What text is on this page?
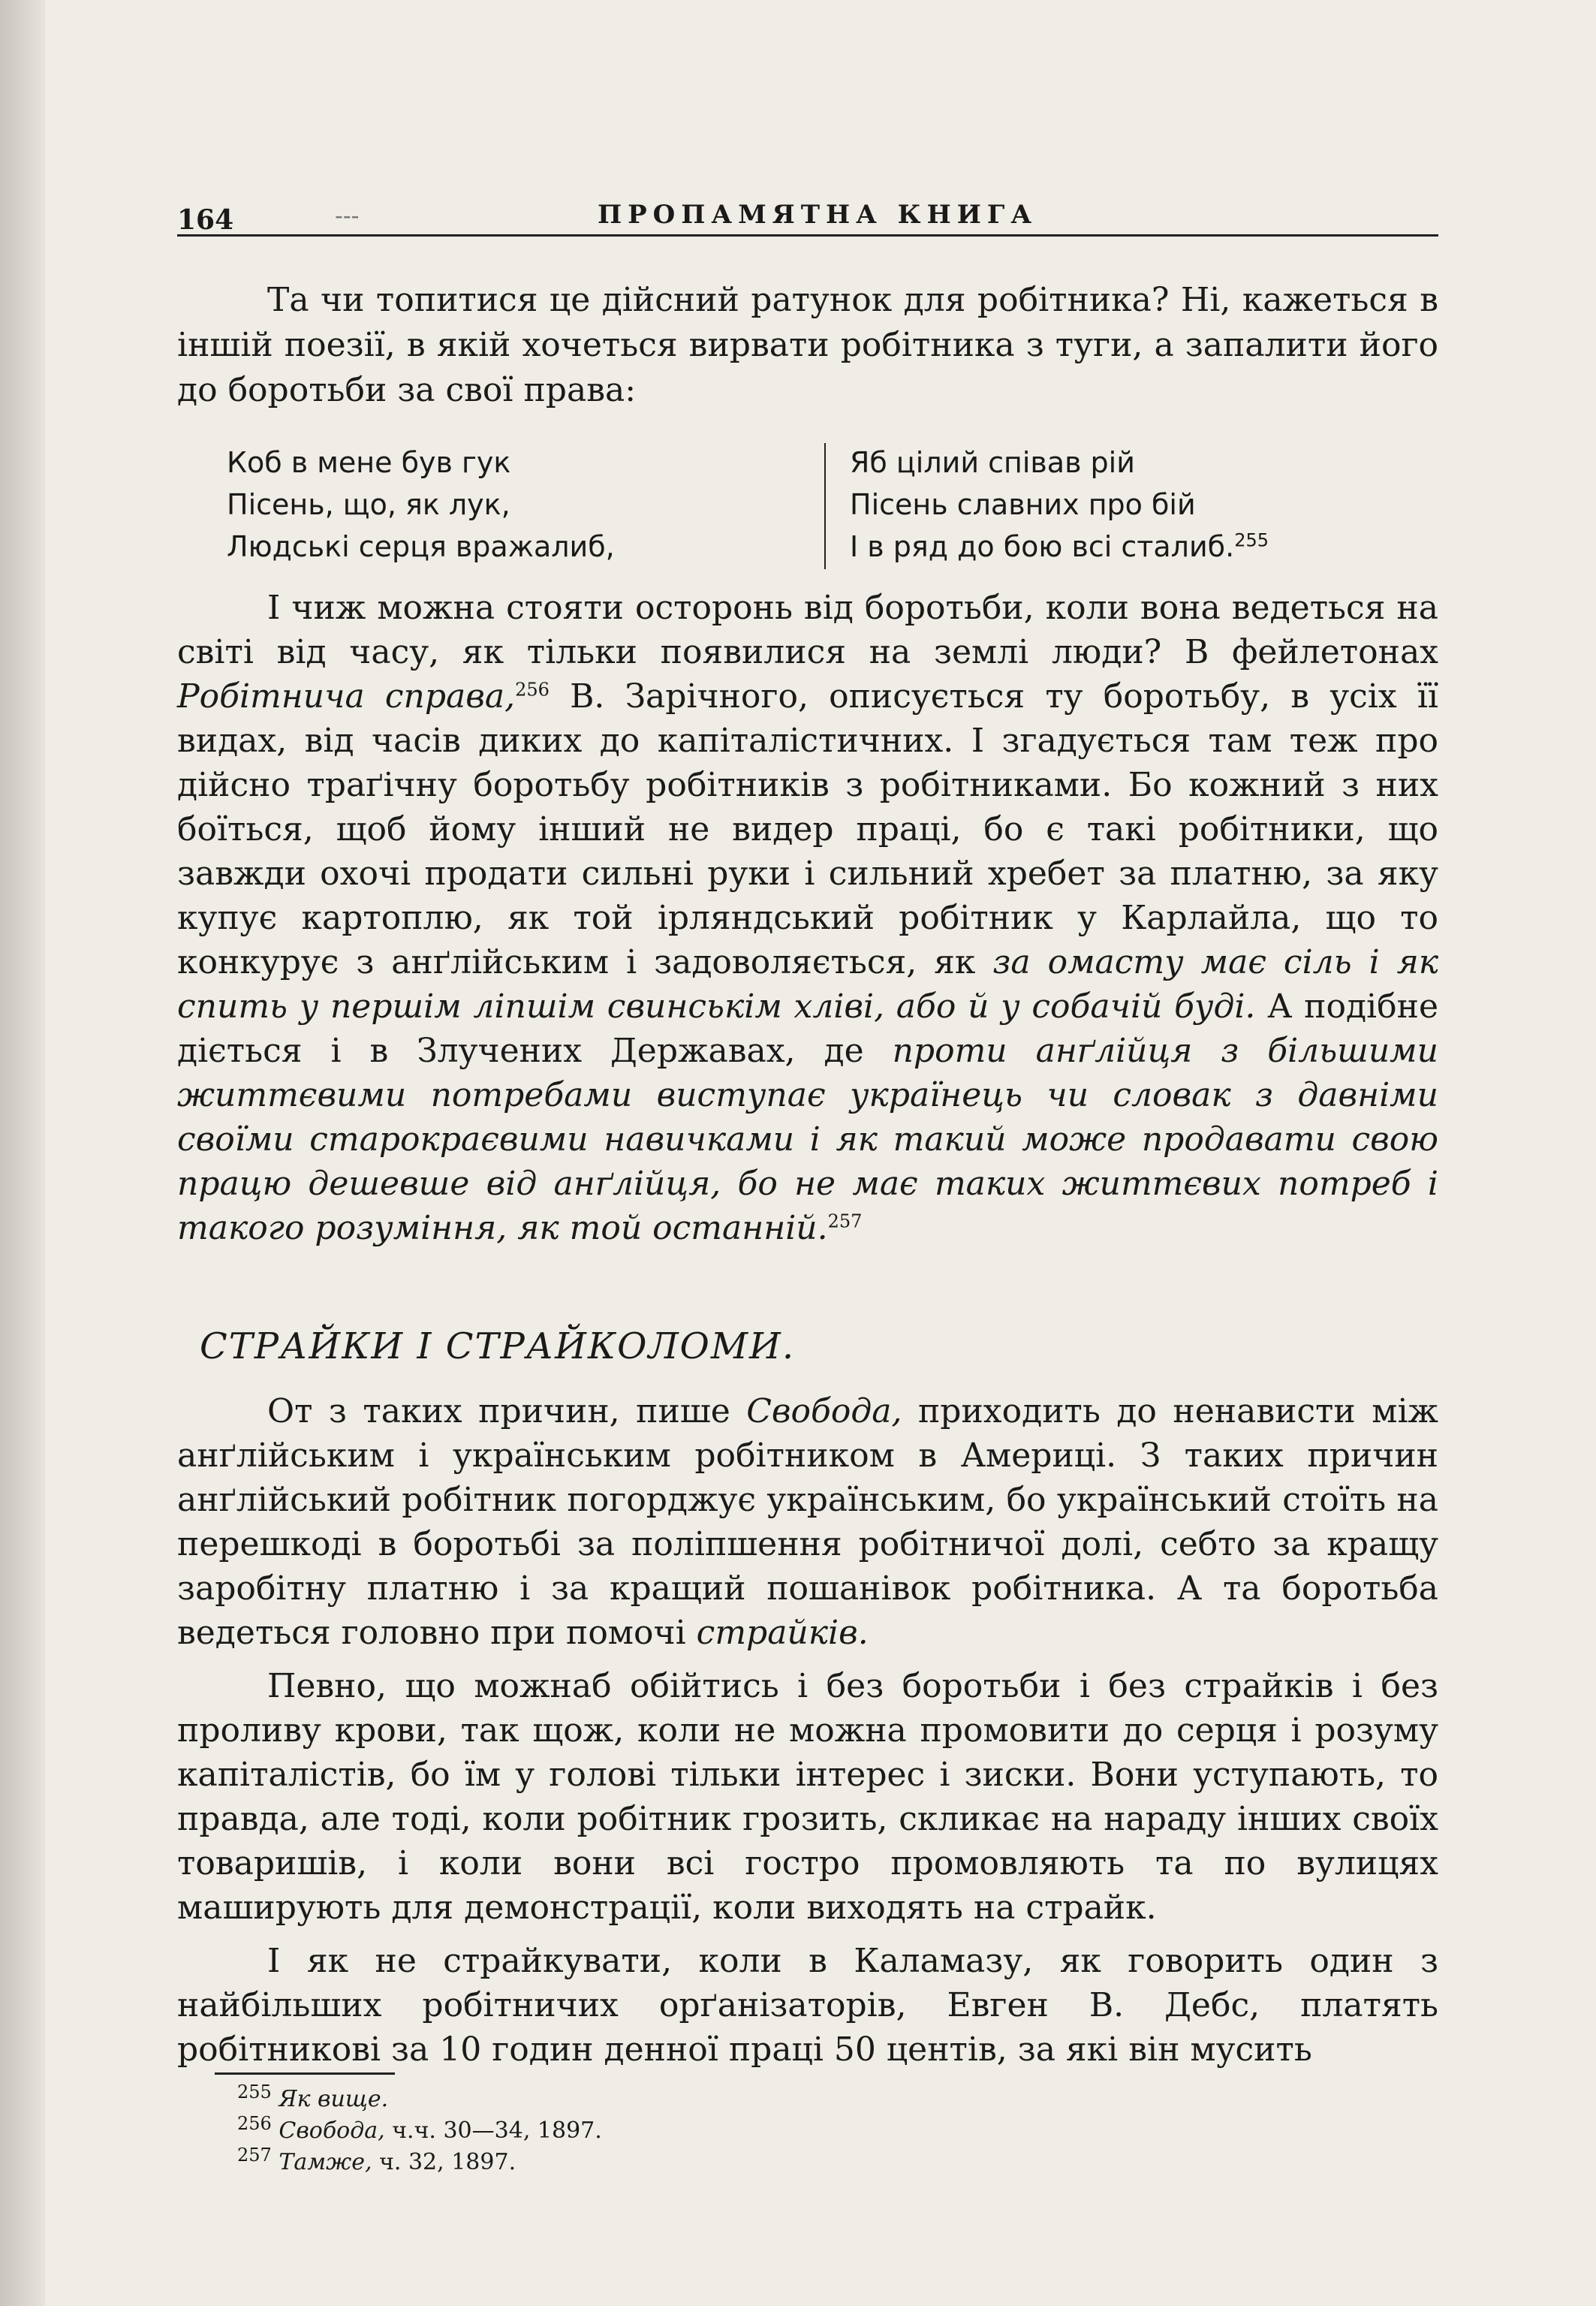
164	---	ПРОПАМЯТНА КНИГА

Та чи топитися це дійсний ратунок для робітника? Ні, кажеться в іншій поезії, в якій хочеться вирвати робітника з туги, а запалити його до боротьби за свої права:

Коб в мене був гук
Пісень, що, як лук,
Людські серця вражалиб,
Яб цілий співав рій
Пісень славних про бій
І в ряд до бою всі сталиб.$^{255}$

І чиж можна стояти осторонь від боротьби, коли вона ведеться на світі від часу, як тільки появилися на землі люди? В фейлетонах Робітнича справа,$^{256}$ В. Зарічного, описується ту боротьбу, в усіх її видах, від часів диких до капіталістичних. І згадується там теж про дійсно траґічну боротьбу робітників з робітниками. Бо кожний з них боїться, щоб йому інший не видер праці, бо є такі робітники, що завжди охочі продати сильні руки і сильний хребет за платню, за яку купує картоплю, як той ірляндський робітник у Карлайла, що то конкурує з анґлійським і задоволяється, як за омасту має сіль і як спить у першім ліпшім свинськім хліві, або й у собачій буді. А подібне діється і в Злучених Державах, де проти анґлійця з більшими життєвими потребами виступає українець чи словак з давніми своїми старокраєвими навичками і як такий може продавати свою працю дешевше від анґлійця, бо не має таких життєвих потреб і такого розуміння, як той останній.$^{257}$

СТРАЙКИ І СТРАЙКОЛОМИ.

От з таких причин, пише Свобода, приходить до ненависти між анґлійським і українським робітником в Америці. З таких причин анґлійський робітник погорджує українським, бо український стоїть на перешкоді в боротьбі за поліпшення робітничої долі, себто за кращу заробітну платню і за кращий пошанівок робітника. А та боротьба ведеться головно при помочі страйків.

Певно, що можнаб обійтись і без боротьби і без страйків і без проливу крови, так щож, коли не можна промовити до серця і розуму капіталістів, бо їм у голові тільки інтерес і зиски. Вони уступають, то правда, але тоді, коли робітник грозить, скликає на нараду інших своїх товаришів, і коли вони всі гостро промовляють та по вулицях маширують для демонстрації, коли виходять на страйк.

І як не страйкувати, коли в Каламазу, як говорить один з найбільших робітничих орґанізаторів, Евген В. Дебс, платять робітникові за 10 годин денної праці 50 центів, за які він мусить

$^{255}$ Як вище.
$^{256}$ Свобода, ч.ч. 30—34, 1897.
$^{257}$ Тамже, ч. 32, 1897.
